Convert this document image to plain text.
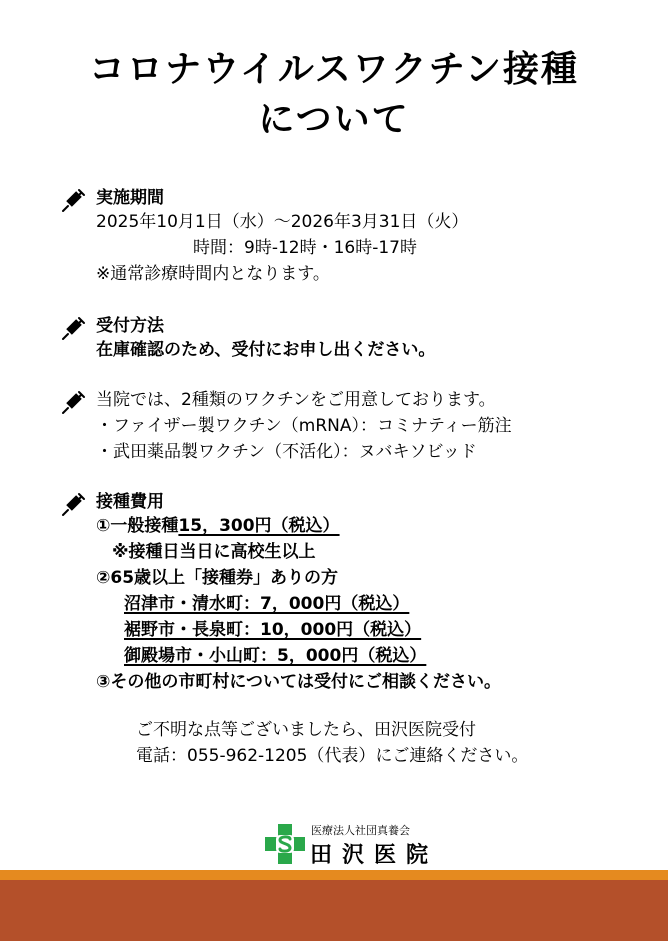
コロナウイルスワクチン接種
について
実施期間
2025年10月1日（水）～2026年3月31日（火）
時間：9時-12時・16時-17時
※通常診療時間内となります。
受付方法
在庫確認のため、受付にお申し出ください。
当院では、2種類のワクチンをご用意しております。
・ファイザー製ワクチン（mRNA）：コミナティー筋注
・武田薬品製ワクチン（不活化）：ヌバキソビッド
接種費用
①一般接種15，300円（税込）
※接種日当日に高校生以上
②65歳以上「接種券」ありの方
沼津市・清水町：7，000円（税込）
裾野市・長泉町：10，000円（税込）
御殿場市・小山町：5，000円（税込）
③その他の市町村については受付にご相談ください。
ご不明な点等ございましたら、田沢医院受付
電話：055-962-1205（代表）にご連絡ください。
医療法人社団真養会
田沢医院
